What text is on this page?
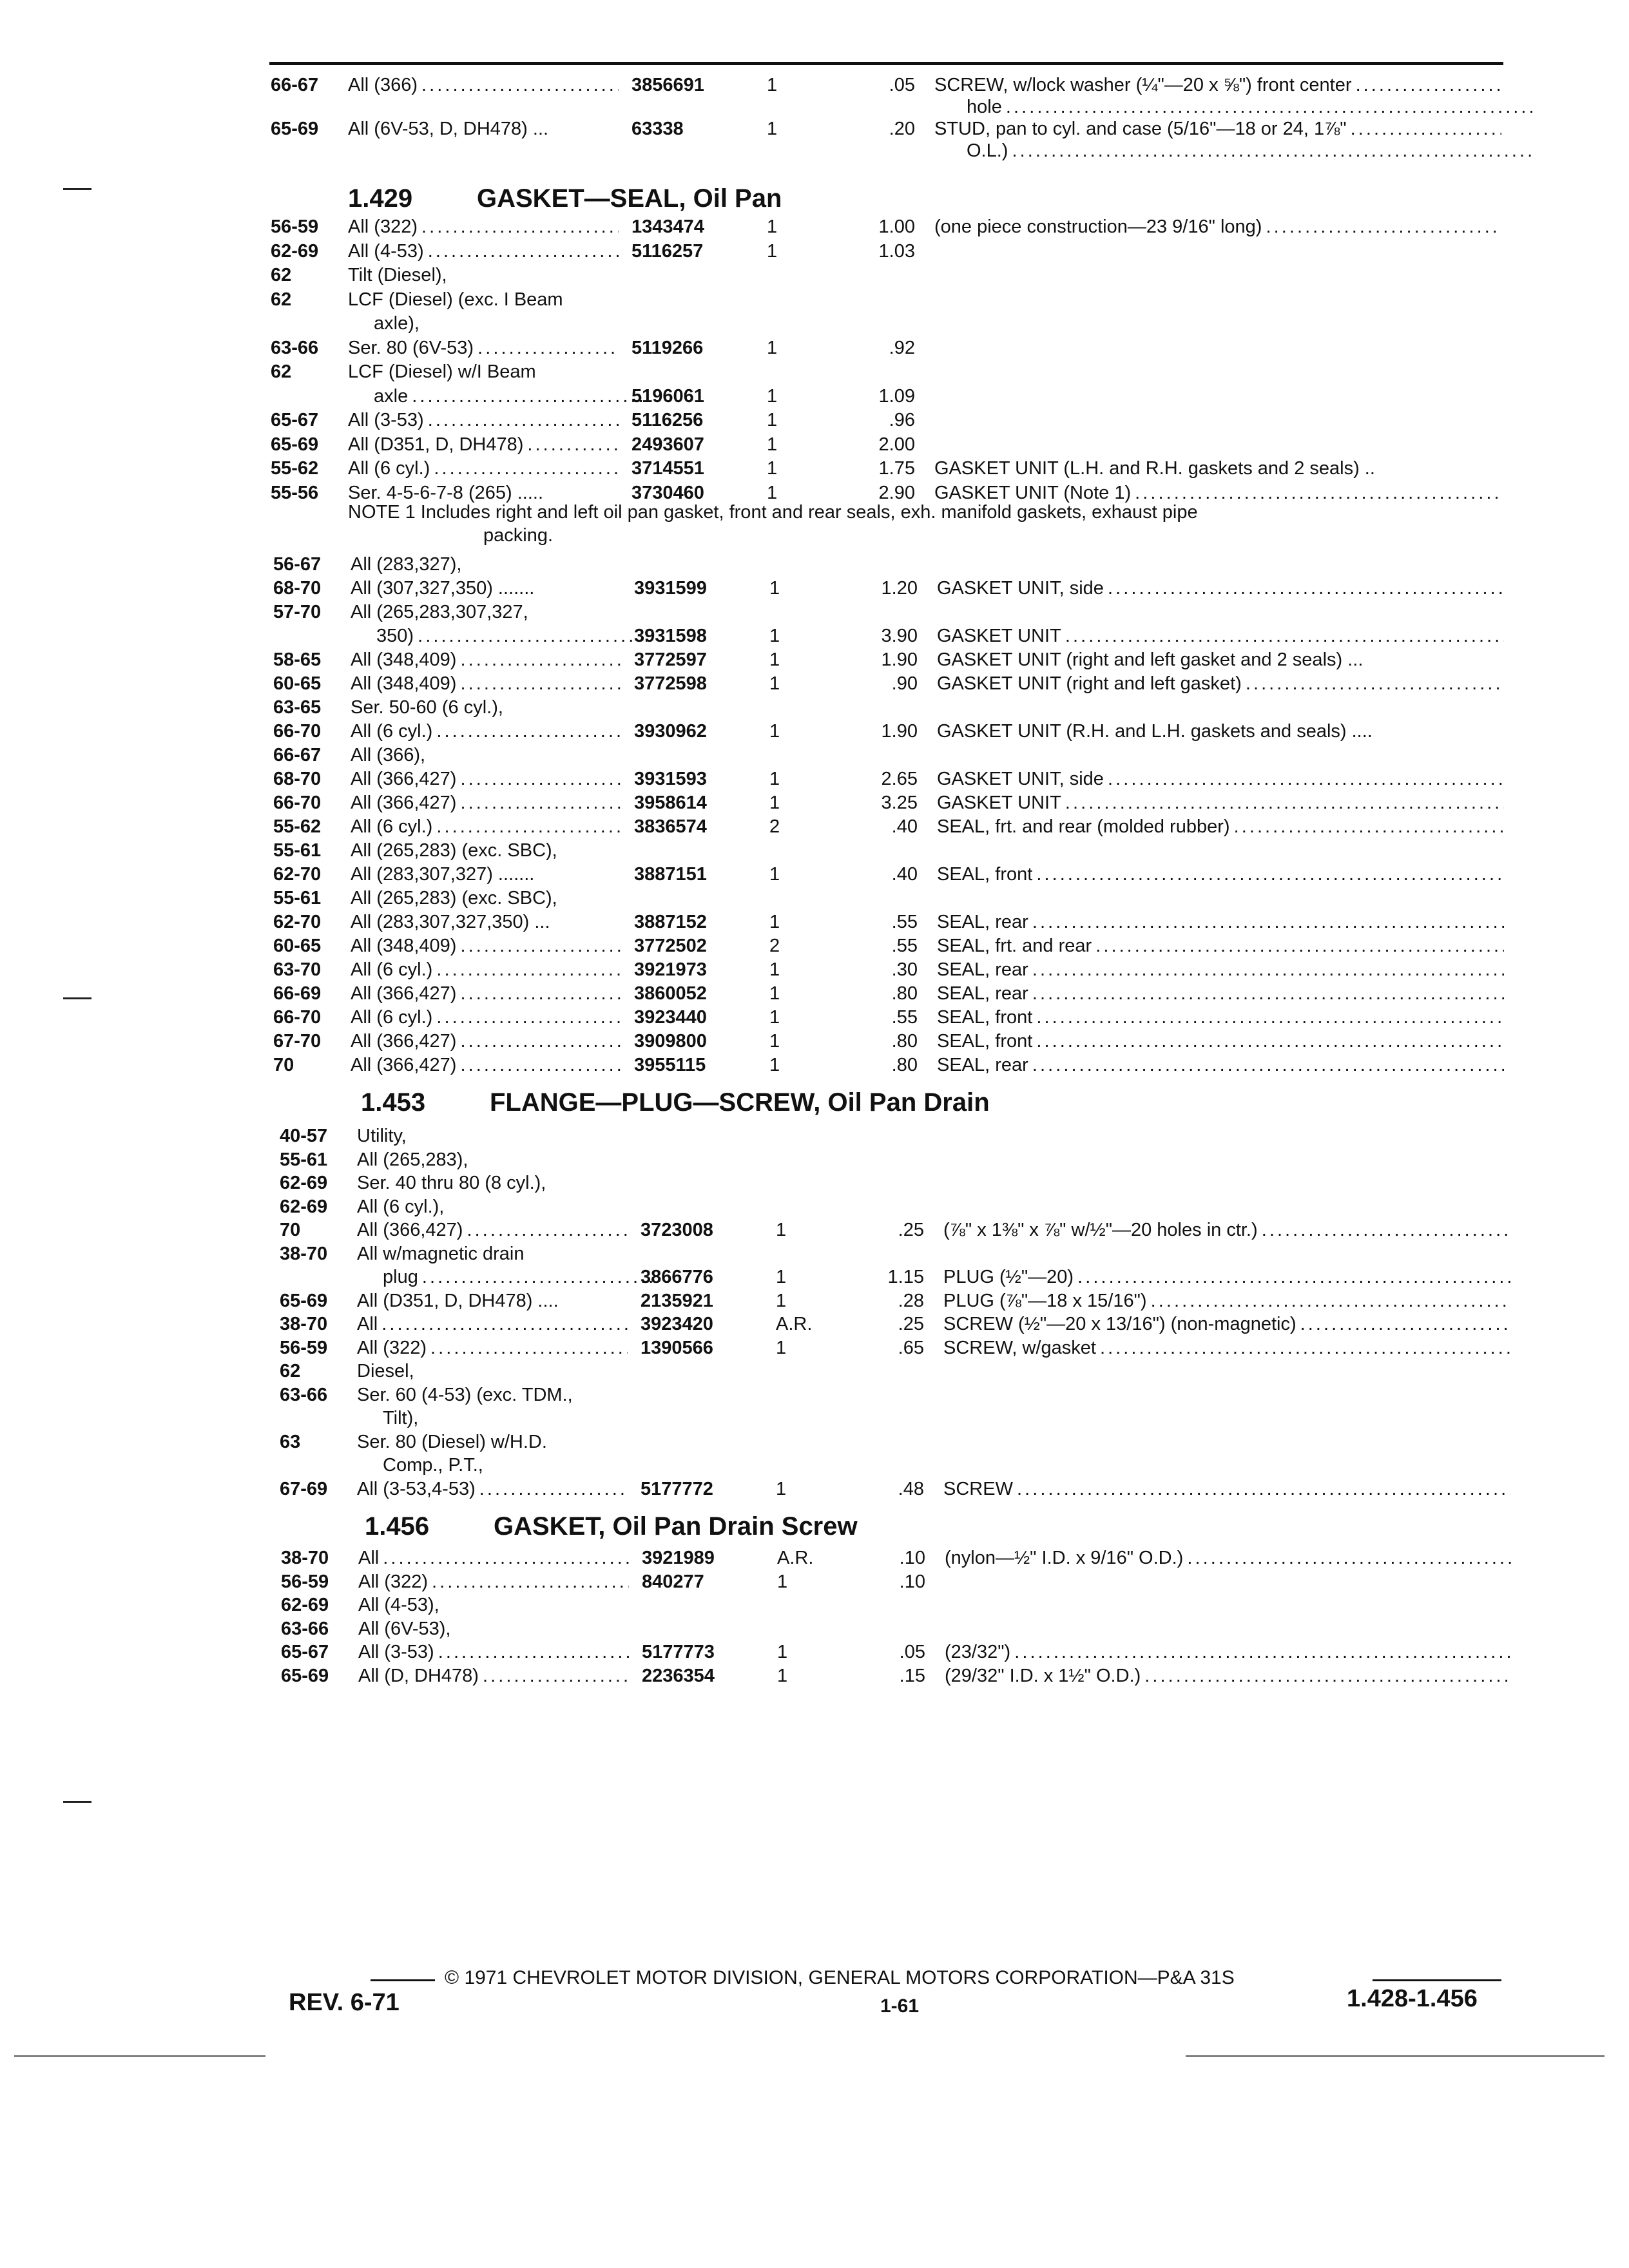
66-67 All (366) . . .	3856691	1	.05 SCREW, w/lock washer (¼"—20 x ⅝") front center . . .
hole . . .
65-69 All (6V-53, D, DH478) ...	63338	1	.20 STUD, pan to cyl. and case (5/16"—18 or 24, 1⅞" . . .
O.L.) . . .
1.429 GASKET—SEAL, Oil Pan
56-59 All (322) . . .	1343474	1	1.00 (one piece construction—23 9/16" long) . . .
62-69 All (4-53) . . .	5116257	1	1.03
62	Tilt (Diesel),
62	LCF (Diesel) (exc. I Beam
axle),
63-66 Ser. 80 (6V-53) . . .	5119266	1	.92
62	LCF (Diesel) w/I Beam
axle . . .	5196061	1	1.09
65-67 All (3-53) . . .	5116256	1	.96
65-69 All (D351, D, DH478) . . .	2493607	1	2.00
55-62 All (6 cyl.) . . .	3714551	1	1.75 GASKET UNIT (L.H. and R.H. gaskets and 2 seals) ..
55-56 Ser. 4-5-6-7-8 (265) .....	3730460	1	2.90 GASKET UNIT (Note 1) . . .
NOTE 1 Includes right and left oil pan gasket, front and rear seals, exh. manifold gaskets, exhaust pipe
packing.
56-67 All (283,327),
68-70 All (307,327,350) .......	3931599	1	1.20 GASKET UNIT, side . . .
57-70 All (265,283,307,327,
350) . . .	3931598	1	3.90 GASKET UNIT . . .
58-65 All (348,409) . . .	3772597	1	1.90 GASKET UNIT (right and left gasket and 2 seals) ...
60-65 All (348,409) . . .	3772598	1	.90 GASKET UNIT (right and left gasket) . . .
63-65 Ser. 50-60 (6 cyl.),
66-70 All (6 cyl.) . . .	3930962	1	1.90 GASKET UNIT (R.H. and L.H. gaskets and seals) ....
66-67 All (366),
68-70 All (366,427) . . .	3931593	1	2.65 GASKET UNIT, side . . .
66-70 All (366,427) . . .	3958614	1	3.25 GASKET UNIT . . .
55-62 All (6 cyl.) . . .	3836574	2	.40 SEAL, frt. and rear (molded rubber) . . .
55-61 All (265,283) (exc. SBC),
62-70 All (283,307,327) .......	3887151	1	.40 SEAL, front . . .
55-61 All (265,283) (exc. SBC),
62-70 All (283,307,327,350) ...	3887152	1	.55 SEAL, rear . . .
60-65 All (348,409) . . .	3772502	2	.55 SEAL, frt. and rear . . .
63-70 All (6 cyl.) . . .	3921973	1	.30 SEAL, rear . . .
66-69 All (366,427) . . .	3860052	1	.80 SEAL, rear . . .
66-70 All (6 cyl.) . . .	3923440	1	.55 SEAL, front . . .
67-70 All (366,427) . . .	3909800	1	.80 SEAL, front . . .
70	All (366,427) . . .	3955115	1	.80 SEAL, rear . . .
1.453 FLANGE—PLUG—SCREW, Oil Pan Drain
40-57 Utility,
55-61 All (265,283),
62-69 Ser. 40 thru 80 (8 cyl.),
62-69 All (6 cyl.),
70	All (366,427) . . .	3723008	1	.25 (⅞" x 1⅜" x ⅞" w/½"—20 holes in ctr.) . . .
38-70 All w/magnetic drain
plug . . .	3866776	1	1.15 PLUG (½"—20) . . .
65-69 All (D351, D, DH478) ....	2135921	1	.28 PLUG (⅞"—18 x 15/16") . . .
38-70 All . . .	3923420	A.R.	.25 SCREW (½"—20 x 13/16") (non-magnetic) . . .
56-59 All (322) . . .	1390566	1	.65 SCREW, w/gasket . . .
62	Diesel,
63-66 Ser. 60 (4-53) (exc. TDM.,
Tilt),
63	Ser. 80 (Diesel) w/H.D.
Comp., P.T.,
67-69 All (3-53,4-53) . . .	5177772	1	.48 SCREW . . .
1.456 GASKET, Oil Pan Drain Screw
38-70 All . . .	3921989	A.R.	.10 (nylon—½" I.D. x 9/16" O.D.) . . .
56-59 All (322) . . .	840277	1	.10
62-69 All (4-53),
63-66 All (6V-53),
65-67 All (3-53) . . .	5177773	1	.05 (23/32") . . .
65-69 All (D, DH478) . . .	2236354	1	.15 (29/32" I.D. x 1½" O.D.) . . .
© 1971 CHEVROLET MOTOR DIVISION, GENERAL MOTORS CORPORATION—P&A 31S
REV. 6-71	1-61	1.428-1.456
